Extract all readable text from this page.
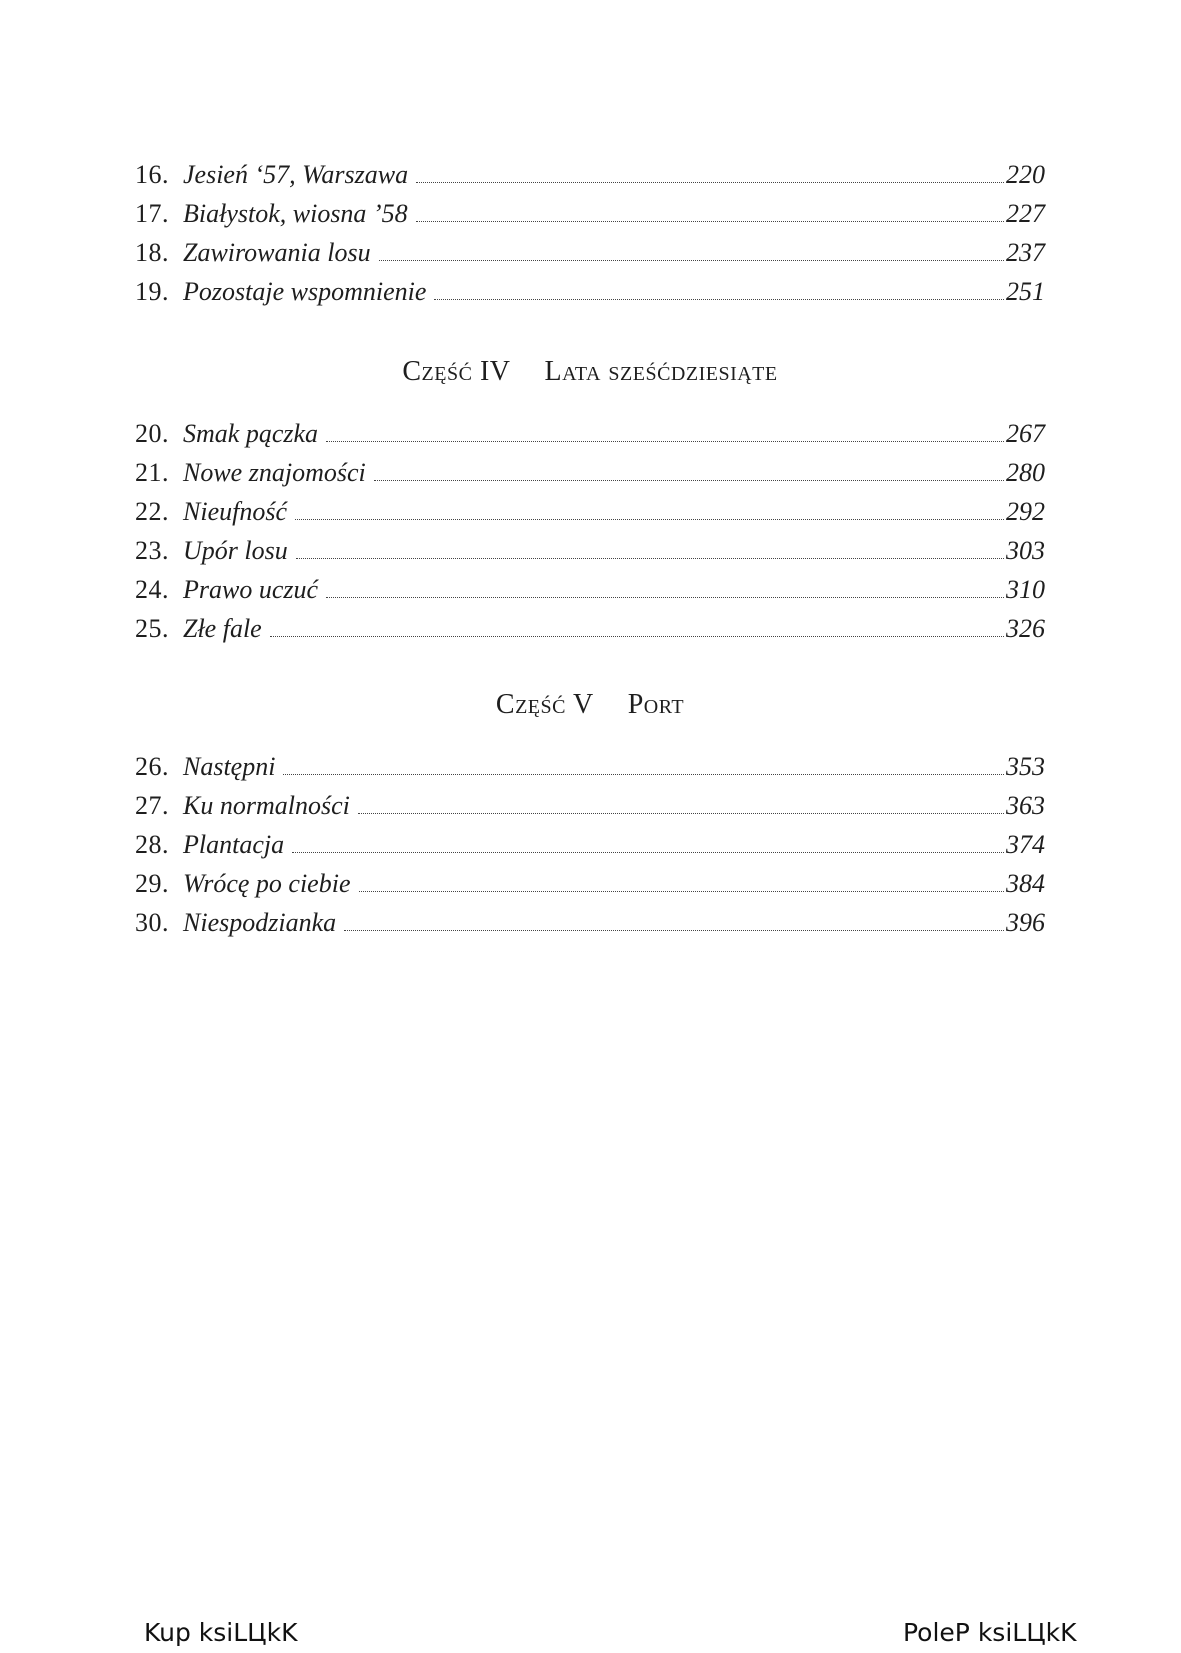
16. Jesień ‘57, Warszawa	220
17. Białystok, wiosna ’58	227
18. Zawirowania losu	237
19. Pozostaje wspomnienie	251
Część IV Lata sześćdziesiąte
20. Smak pączka	267
21. Nowe znajomości	280
22. Nieufność	292
23. Upór losu	303
24. Prawo uczuć	310
25. Złe fale	326
Część V Port
26. Następni	353
27. Ku normalności	363
28. Plantacja	374
29. Wrócę po ciebie	384
30. Niespodzianka	396
Kup ksiLЦkK	PoleP ksiLЦkK
